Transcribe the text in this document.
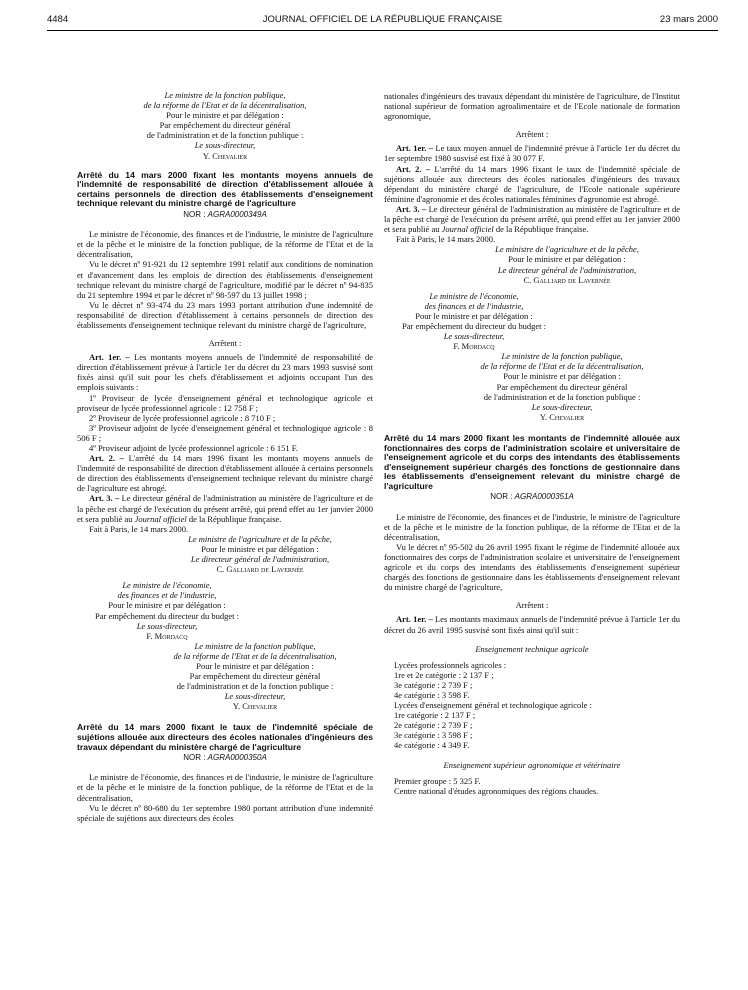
4484	JOURNAL OFFICIEL DE LA RÉPUBLIQUE FRANÇAISE	23 mars 2000
Le ministre de la fonction publique,
de la réforme de l'Etat et de la décentralisation,
Pour le ministre et par délégation :
Par empêchement du directeur général
de l'administration et de la fonction publique :
Le sous-directeur,
Y. Chevalier

Arrêté du 14 mars 2000 fixant les montants moyens annuels de l'indemnité de responsabilité de direction d'établissement allouée à certains personnels de direction des établissements d'enseignement technique relevant du ministre chargé de l'agriculture

NOR : AGRA0000349A

Le ministre de l'économie, des finances et de l'industrie, le ministre de l'agriculture et de la pêche et le ministre de la fonction publique, de la réforme de l'Etat et de la décentralisation,

Vu le décret nº 91-921 du 12 septembre 1991 relatif aux conditions de nomination et d'avancement dans les emplois de direction des établissements d'enseignement technique relevant du ministre chargé de l'agriculture, modifié par le décret nº 94-835 du 21 septembre 1994 et par le décret nº 98-597 du 13 juillet 1998 ;

Vu le décret nº 93-474 du 23 mars 1993 portant attribution d'une indemnité de responsabilité de direction d'établissement à certains personnels de direction des établissements d'enseignement technique relevant du ministre chargé de l'agriculture,

Arrêtent :

Art. 1er. – Les montants moyens annuels de l'indemnité de responsabilité de direction d'établissement prévue à l'article 1er du décret du 23 mars 1993 susvisé sont fixés ainsi qu'il suit pour les chefs d'établissement et adjoints occupant l'un des emplois suivants :

1º Proviseur de lycée d'enseignement général et technologique agricole et proviseur de lycée professionnel agricole : 12 758 F ;

2º Proviseur de lycée professionnel agricole : 8 710 F ;

3º Proviseur adjoint de lycée d'enseignement général et technologique agricole : 8 506 F ;

4º Proviseur adjoint de lycée professionnel agricole : 6 151 F.

Art. 2. – L'arrêté du 14 mars 1996 fixant les montants moyens annuels de l'indemnité de responsabilité de direction d'établissement allouée à certains personnels de direction des établissements d'enseignement technique relevant du ministre chargé de l'agriculture est abrogé.

Art. 3. – Le directeur général de l'administration au ministère de l'agriculture et de la pêche est chargé de l'exécution du présent arrêté, qui prend effet au 1er janvier 2000 et sera publié au Journal officiel de la République française.

Fait à Paris, le 14 mars 2000.

Le ministre de l'agriculture et de la pêche,
Pour le ministre et par délégation :
Le directeur général de l'administration,
C. Galliard de Lavernée
Le ministre de l'économie,
des finances et de l'industrie,
Pour le ministre et par délégation :
Par empêchement du directeur du budget :
Le sous-directeur,
F. Mordacq
Le ministre de la fonction publique,
de la réforme de l'Etat et de la décentralisation,
Pour le ministre et par délégation :
Par empêchement du directeur général
de l'administration et de la fonction publique :
Le sous-directeur,
Y. Chevalier

Arrêté du 14 mars 2000 fixant le taux de l'indemnité spéciale de sujétions allouée aux directeurs des écoles nationales d'ingénieurs des travaux dépendant du ministère chargé de l'agriculture

NOR : AGRA0000350A

Le ministre de l'économie, des finances et de l'industrie, le ministre de l'agriculture et de la pêche et le ministre de la fonction publique, de la réforme de l'Etat et de la décentralisation,

Vu le décret nº 80-680 du 1er septembre 1980 portant attribution d'une indemnité spéciale de sujétions aux directeurs des écoles

nationales d'ingénieurs des travaux dépendant du ministère de l'agriculture, de l'Institut national supérieur de formation agroalimentaire et de l'Ecole nationale de formation agronomique,

Arrêtent :

Art. 1er. – Le taux moyen annuel de l'indemnité prévue à l'article 1er du décret du 1er septembre 1980 susvisé est fixé à 30 077 F.

Art. 2. – L'arrêté du 14 mars 1996 fixant le taux de l'indemnité spéciale de sujétions allouée aux directeurs des écoles nationales d'ingénieurs des travaux dépendant du ministère chargé de l'agriculture, de l'Ecole nationale supérieure féminine d'agronomie et des écoles nationales féminines d'agronomie est abrogé.

Art. 3. – Le directeur général de l'administration au ministère de l'agriculture et de la pêche est chargé de l'exécution du présent arrêté, qui prend effet au 1er janvier 2000 et sera publié au Journal officiel de la République française.

Fait à Paris, le 14 mars 2000.

Le ministre de l'agriculture et de la pêche,
Pour le ministre et par délégation :
Le directeur général de l'administration,
C. Galliard de Lavernée
Le ministre de l'économie,
des finances et de l'industrie,
Pour le ministre et par délégation :
Par empêchement du directeur du budget :
Le sous-directeur,
F. Mordacq
Le ministre de la fonction publique,
de la réforme de l'Etat et de la décentralisation,
Pour le ministre et par délégation :
Par empêchement du directeur général
de l'administration et de la fonction publique :
Le sous-directeur,
Y. Chevalier

Arrêté du 14 mars 2000 fixant les montants de l'indemnité allouée aux fonctionnaires des corps de l'administration scolaire et universitaire de l'enseignement agricole et du corps des intendants des établissements d'enseignement supérieur chargés des fonctions de gestionnaire dans les établissements d'enseignement relevant du ministre chargé de l'agriculture

NOR : AGRA0000351A

Le ministre de l'économie, des finances et de l'industrie, le ministre de l'agriculture et de la pêche et le ministre de la fonction publique, de la réforme de l'Etat et de la décentralisation,

Vu le décret nº 95-502 du 26 avril 1995 fixant le régime de l'indemnité allouée aux fonctionnaires des corps de l'administration scolaire et universitaire de l'enseignement agricole et du corps des intendants des établissements d'enseignement supérieur chargés des fonctions de gestionnaire dans les établissements d'enseignement relevant du ministre chargé de l'agriculture,

Arrêtent :

Art. 1er. – Les montants maximaux annuels de l'indemnité prévue à l'article 1er du décret du 26 avril 1995 susvisé sont fixés ainsi qu'il suit :

Enseignement technique agricole

Lycées professionnels agricoles :

1re et 2e catégorie : 2 137 F ;

3e catégorie : 2 739 F ;

4e catégorie : 3 598 F.

Lycées d'enseignement général et technologique agricole :

1re catégorie : 2 137 F ;

2e catégorie : 2 739 F ;

3e catégorie : 3 598 F ;

4e catégorie : 4 349 F.

Enseignement supérieur agronomique et vétérinaire

Premier groupe : 5 325 F.

Centre national d'études agronomiques des régions chaudes.
